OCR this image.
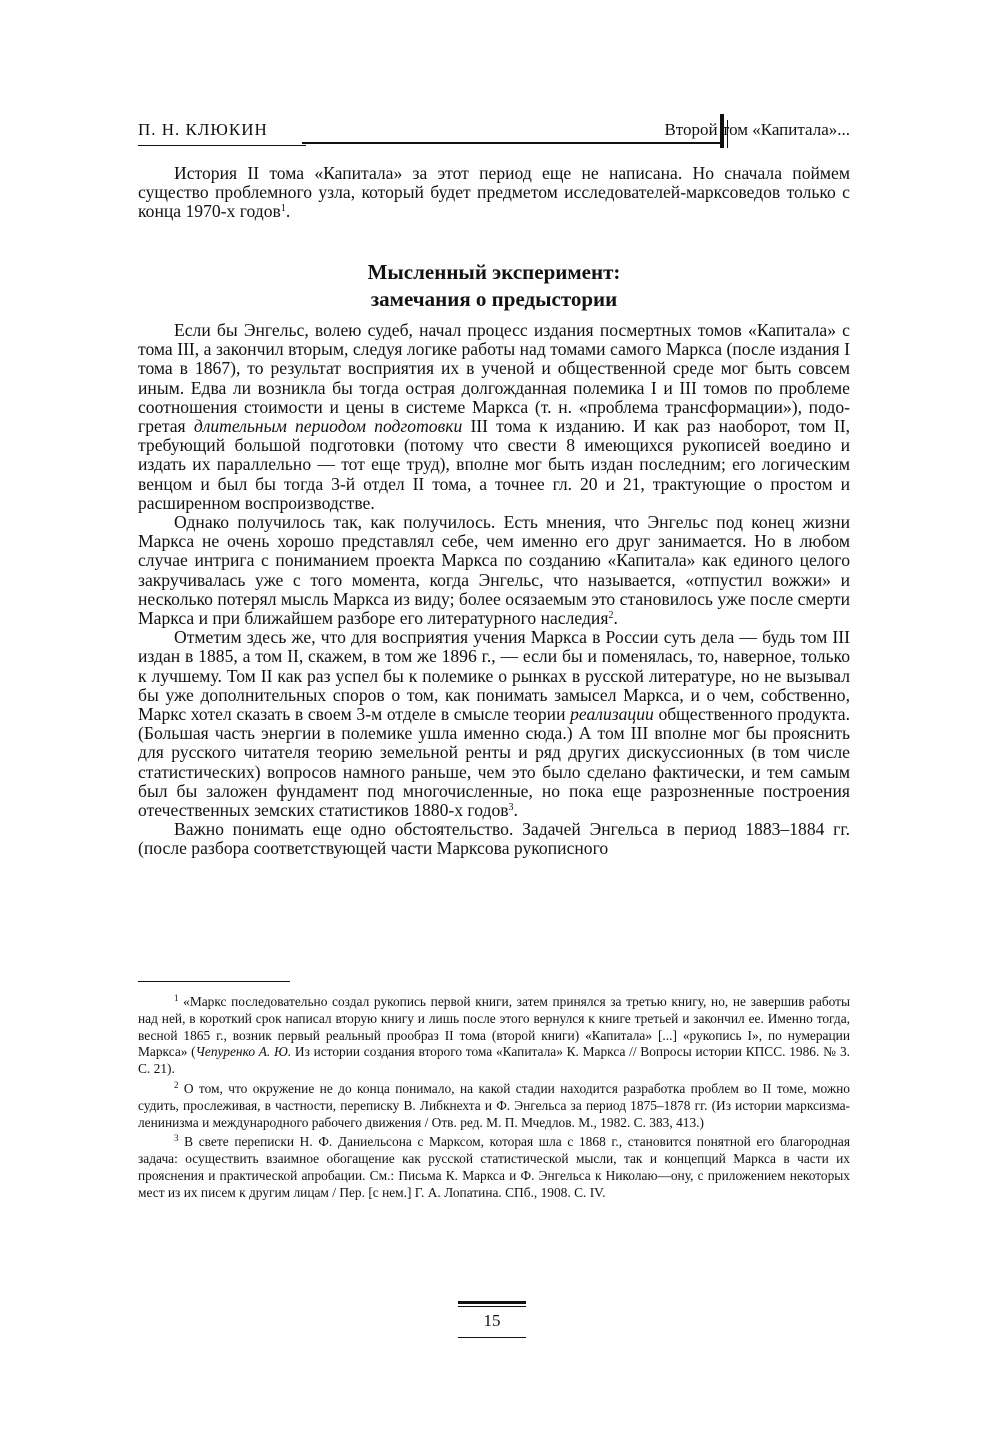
П. Н. КЛЮКИН	Второй том «Капитала»...

История II тома «Капитала» за этот период еще не написана. Но сначала поймем существо проблемного узла, который будет предметом исследователей-марксоведов только с конца 1970-х годов$^1$.

Мысленный эксперимент:
замечания о предыстории

Если бы Энгельс, волею судеб, начал процесс издания посмертных томов «Капитала» с тома III, а закончил вторым, следуя логике работы над томами самого Маркса (после издания I тома в 1867), то результат восприятия их в ученой и общественной среде мог быть совсем иным. Едва ли возникла бы тогда острая долгожданная полемика I и III томов по проблеме соотношения стоимости и цены в системе Маркса (т. н. «проблема трансформации»), подогретая длительным периодом подготовки III тома к изданию. И как раз наоборот, том II, требующий большой подготовки (потому что свести 8 имеющихся рукописей воедино и издать их параллельно — тот еще труд), вполне мог быть издан последним; его логическим венцом и был бы тогда 3-й отдел II тома, а точнее гл. 20 и 21, трактующие о простом и расширенном воспроизводстве.

Однако получилось так, как получилось. Есть мнения, что Энгельс под конец жизни Маркса не очень хорошо представлял себе, чем именно его друг занимается. Но в любом случае интрига с пониманием проекта Маркса по созданию «Капитала» как единого целого закручивалась уже с того момента, когда Энгельс, что называется, «отпустил вожжи» и несколько потерял мысль Маркса из виду; более осязаемым это становилось уже после смерти Маркса и при ближайшем разборе его литературного наследия$^2$.

Отметим здесь же, что для восприятия учения Маркса в России суть дела — будь том III издан в 1885, а том II, скажем, в том же 1896 г., — если бы и поменялась, то, наверное, только к лучшему. Том II как раз успел бы к полемике о рынках в русской литературе, но не вызывал бы уже дополнительных споров о том, как понимать замысел Маркса, и о чем, собственно, Маркс хотел сказать в своем 3-м отделе в смысле теории реализации общественного продукта. (Большая часть энергии в полемике ушла именно сюда.) А том III вполне мог бы прояснить для русского читателя теорию земельной ренты и ряд других дискуссионных (в том числе статистических) вопросов намного раньше, чем это было сделано фактически, и тем самым был бы заложен фундамент под многочисленные, но пока еще разрозненные построения отечественных земских статистиков 1880-х годов$^3$.

Важно понимать еще одно обстоятельство. Задачей Энгельса в период 1883–1884 гг. (после разбора соответствующей части Марксова рукописного

$^1$ «Маркс последовательно создал рукопись первой книги, затем принялся за третью книгу, но, не завершив работы над ней, в короткий срок написал вторую книгу и лишь после этого вернулся к книге третьей и закончил ее. Именно тогда, весной 1865 г., возник первый реальный прообраз II тома (второй книги) «Капитала» [...] «рукопись I», по нумерации Маркса» (Чепуренко А. Ю. Из истории создания второго тома «Капитала» К. Маркса // Вопросы истории КПСС. 1986. № 3. С. 21).

$^2$ О том, что окружение не до конца понимало, на какой стадии находится разработка проблем во II томе, можно судить, прослеживая, в частности, переписку В. Либкнехта и Ф. Энгельса за период 1875–1878 гг. (Из истории марксизма-ленинизма и международного рабочего движения / Отв. ред. М. П. Мчедлов. М., 1982. С. 383, 413.)

$^3$ В свете переписки Н. Ф. Даниельсона с Марксом, которая шла с 1868 г., становится понятной его благородная задача: осуществить взаимное обогащение как русской статистической мысли, так и концепций Маркса в части их прояснения и практической апробации. См.: Письма К. Маркса и Ф. Энгельса к Николаю—ону, с приложением некоторых мест из их писем к другим лицам / Пер. [с нем.] Г. А. Лопатина. СПб., 1908. С. IV.

15
